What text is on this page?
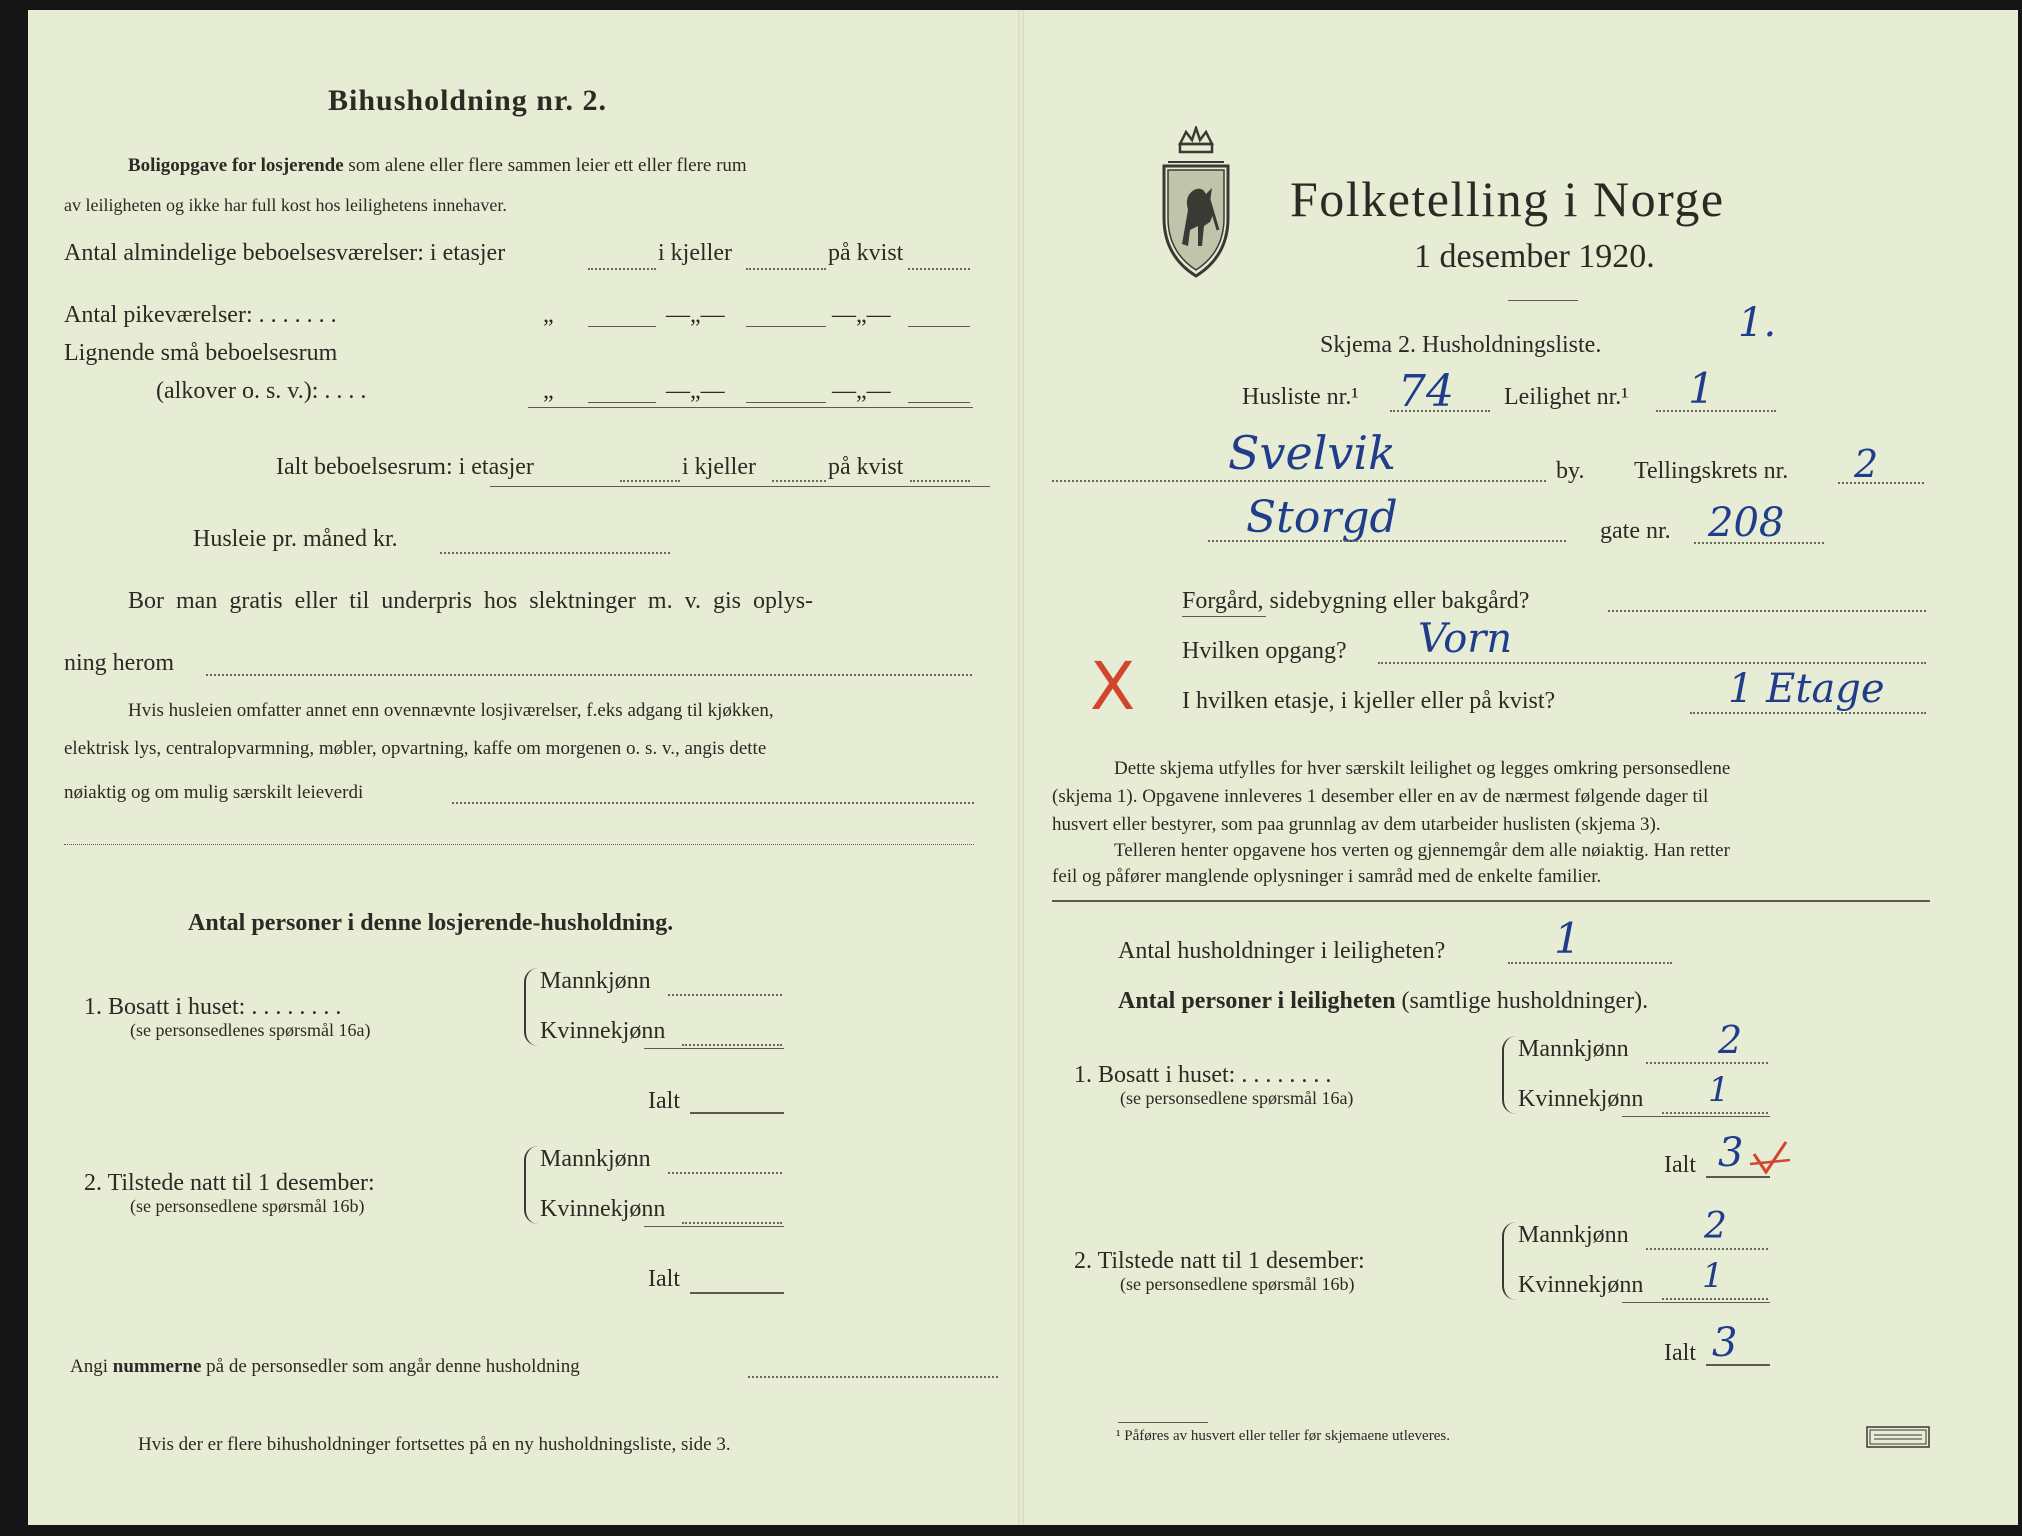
Bihusholdning nr. 2.
Boligopgave for losjerende som alene eller flere sammen leier ett eller flere rum
av leiligheten og ikke har full kost hos leilighetens innehaver.
Antal almindelige beboelsesværelser: i etasjer	i kjeller	på kvist
Antal pikeværelser: . . . . . . .	„	—„—	—„—
Lignende små beboelsesrum
(alkover o. s. v.): . . . .	„	—„—	—„—
Ialt beboelsesrum: i etasjer	i kjeller	på kvist
Husleie pr. måned kr.
Bor man gratis eller til underpris hos slektninger m. v. gis oplys-
ning herom
Hvis husleien omfatter annet enn ovennævnte losjiværelser, f.eks adgang til kjøkken,
elektrisk lys, centralopvarmning, møbler, opvartning, kaffe om morgenen o. s. v., angis dette
nøiaktig og om mulig særskilt leieverdi
Antal personer i denne losjerende-husholdning.
1. Bosatt i huset: . . . . . . . .
(se personsedlenes spørsmål 16a)
Mannkjønn
Kvinnekjønn
Ialt
2. Tilstede natt til 1 desember:
(se personsedlene spørsmål 16b)
Mannkjønn
Kvinnekjønn
Ialt
Angi nummerne på de personsedler som angår denne husholdning
Hvis der er flere bihusholdninger fortsettes på en ny husholdningsliste, side 3.
Folketelling i Norge
1 desember 1920.
Skjema 2. Husholdningsliste.	1.
Husliste nr.¹ 74 Leilighet nr.¹ 1
Svelvik	by. Tellingskrets nr. 2
Storgd	gate nr. 208
Forgård, sidebygning eller bakgård?
Hvilken opgang? Vorn
X I hvilken etasje, i kjeller eller på kvist?	1 Etage
Dette skjema utfylles for hver særskilt leilighet og legges omkring personsedlene
(skjema 1). Opgavene innleveres 1 desember eller en av de nærmest følgende dager til
husvert eller bestyrer, som paa grunnlag av dem utarbeider huslisten (skjema 3).
Telleren henter opgavene hos verten og gjennemgår dem alle nøiaktig. Han retter
feil og påfører manglende oplysninger i samråd med de enkelte familier.
Antal husholdninger i leiligheten?	1
Antal personer i leiligheten (samtlige husholdninger).
1. Bosatt i huset: . . . . . . . .
(se personsedlene spørsmål 16a)
Mannkjønn 2
Kvinnekjønn 1
Ialt 3
2. Tilstede natt til 1 desember:
(se personsedlene spørsmål 16b)
Mannkjønn 2
Kvinnekjønn 1
Ialt 3
¹ Påføres av husvert eller teller før skjemaene utleveres.
